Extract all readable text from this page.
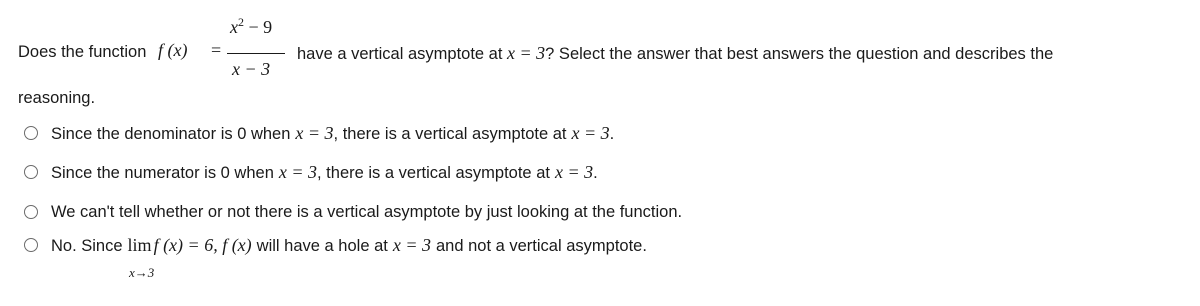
Does the function f (x) =
$x^2 - 9$
x − 3
have a vertical asymptote at x = 3? Select the answer that best answers the question and describes the
reasoning.
Since the denominator is 0 when x = 3 , there is a vertical asymptote at x = 3 .
Since the numerator is 0 when x = 3 , there is a vertical asymptote at x = 3 .
We can't tell whether or not there is a vertical asymptote by just looking at the function.
No. Since lim f (x) = 6, f (x) will have a hole at x = 3 and not a vertical asymptote.
x→3
